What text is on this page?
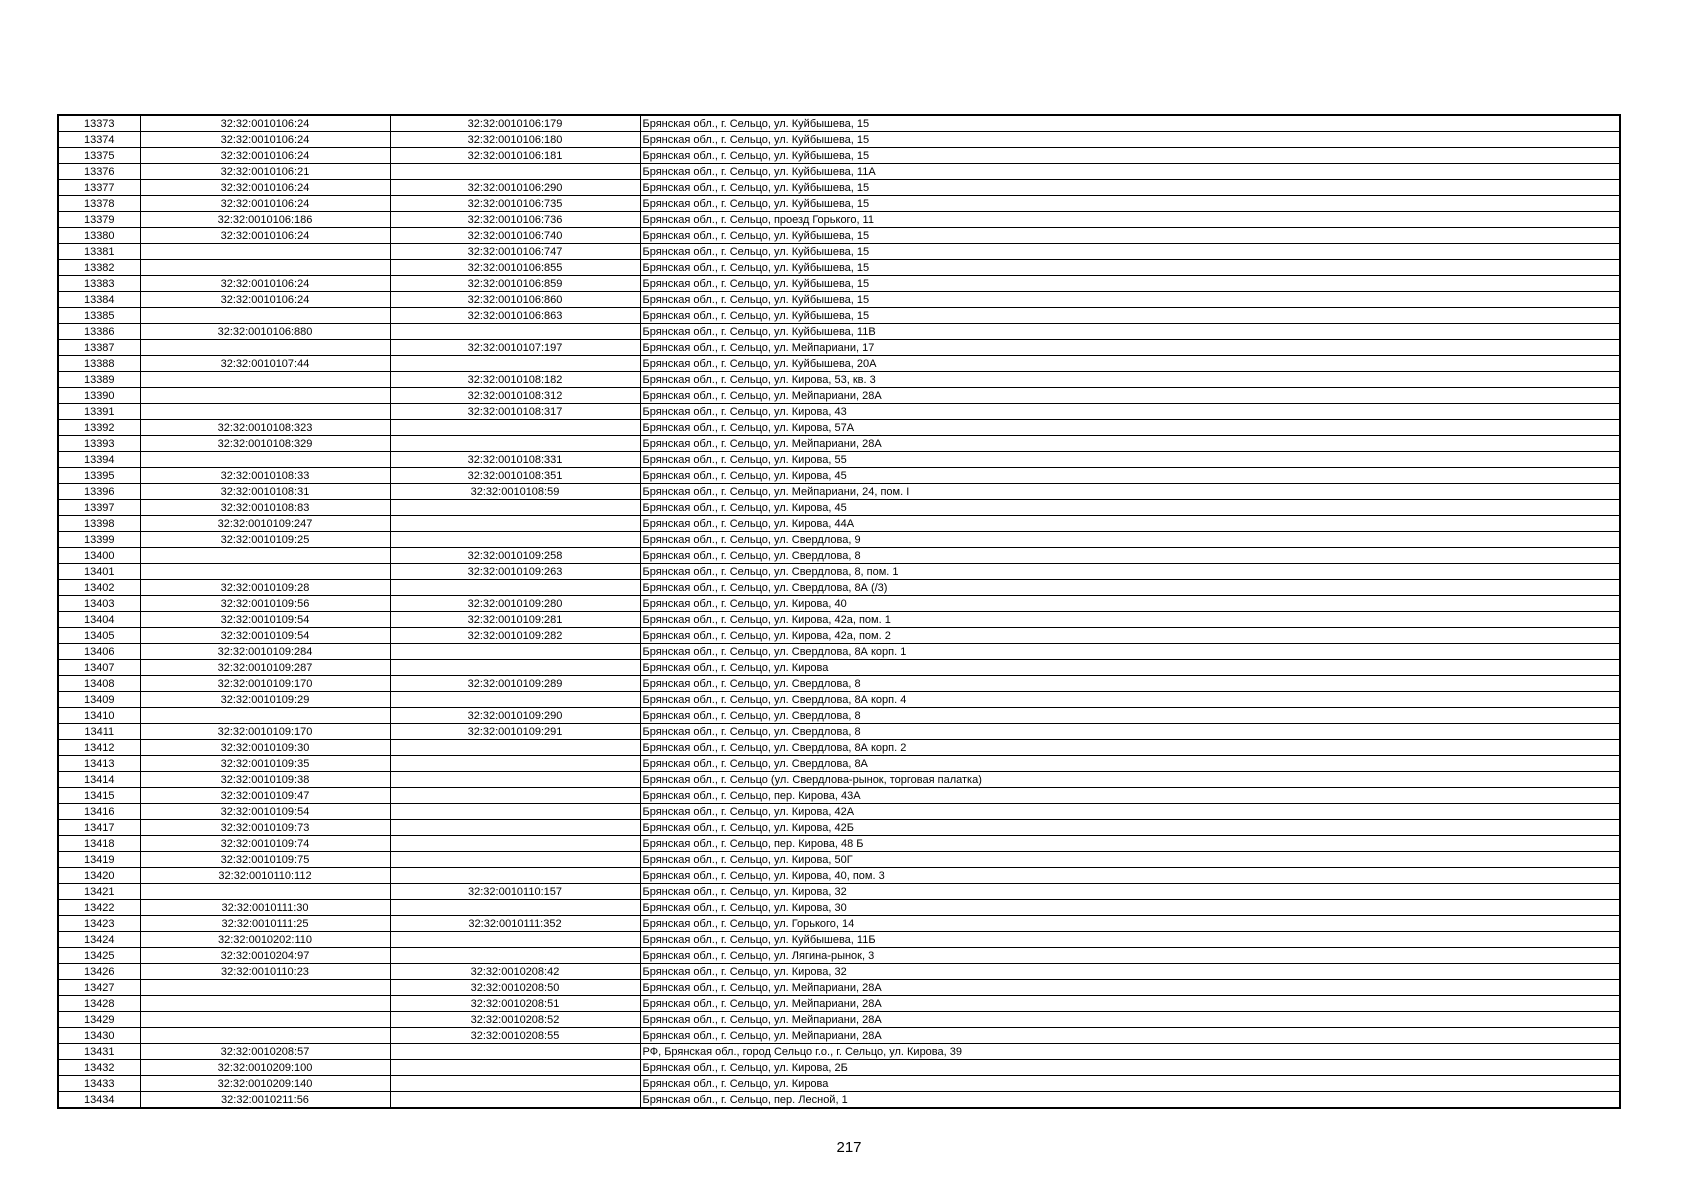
13373	32:32:0010106:24	32:32:0010106:179	Брянская обл., г. Сельцо, ул. Куйбышева, 15
13374	32:32:0010106:24	32:32:0010106:180	Брянская обл., г. Сельцо, ул. Куйбышева, 15
13375	32:32:0010106:24	32:32:0010106:181	Брянская обл., г. Сельцо, ул. Куйбышева, 15
13376	32:32:0010106:21		Брянская обл., г. Сельцо, ул. Куйбышева, 11А
13377	32:32:0010106:24	32:32:0010106:290	Брянская обл., г. Сельцо, ул. Куйбышева, 15
13378	32:32:0010106:24	32:32:0010106:735	Брянская обл., г. Сельцо, ул. Куйбышева, 15
13379	32:32:0010106:186	32:32:0010106:736	Брянская обл., г. Сельцо, проезд Горького, 11
13380	32:32:0010106:24	32:32:0010106:740	Брянская обл., г. Сельцо, ул. Куйбышева, 15
13381		32:32:0010106:747	Брянская обл., г. Сельцо, ул. Куйбышева, 15
13382		32:32:0010106:855	Брянская обл., г. Сельцо, ул. Куйбышева, 15
13383	32:32:0010106:24	32:32:0010106:859	Брянская обл., г. Сельцо, ул. Куйбышева, 15
13384	32:32:0010106:24	32:32:0010106:860	Брянская обл., г. Сельцо, ул. Куйбышева, 15
13385		32:32:0010106:863	Брянская обл., г. Сельцо, ул. Куйбышева, 15
13386	32:32:0010106:880		Брянская обл., г. Сельцо, ул. Куйбышева, 11В
13387		32:32:0010107:197	Брянская обл., г. Сельцо, ул. Мейпариани, 17
13388	32:32:0010107:44		Брянская обл., г. Сельцо, ул. Куйбышева, 20А
13389		32:32:0010108:182	Брянская обл., г. Сельцо, ул. Кирова, 53, кв. 3
13390		32:32:0010108:312	Брянская обл., г. Сельцо, ул. Мейпариани, 28А
13391		32:32:0010108:317	Брянская обл., г. Сельцо, ул. Кирова, 43
13392	32:32:0010108:323		Брянская обл., г. Сельцо, ул. Кирова, 57А
13393	32:32:0010108:329		Брянская обл., г. Сельцо, ул. Мейпариани, 28А
13394		32:32:0010108:331	Брянская обл., г. Сельцо, ул. Кирова, 55
13395	32:32:0010108:33	32:32:0010108:351	Брянская обл., г. Сельцо, ул. Кирова, 45
13396	32:32:0010108:31	32:32:0010108:59	Брянская обл., г. Сельцо, ул. Мейпариани, 24, пом. I
13397	32:32:0010108:83		Брянская обл., г. Сельцо, ул. Кирова, 45
13398	32:32:0010109:247		Брянская обл., г. Сельцо, ул. Кирова, 44А
13399	32:32:0010109:25		Брянская обл., г. Сельцо, ул. Свердлова, 9
13400		32:32:0010109:258	Брянская обл., г. Сельцо, ул. Свердлова, 8
13401		32:32:0010109:263	Брянская обл., г. Сельцо, ул. Свердлова, 8, пом. 1
13402	32:32:0010109:28		Брянская обл., г. Сельцо, ул. Свердлова, 8А (/3)
13403	32:32:0010109:56	32:32:0010109:280	Брянская обл., г. Сельцо, ул. Кирова, 40
13404	32:32:0010109:54	32:32:0010109:281	Брянская обл., г. Сельцо, ул. Кирова, 42а, пом. 1
13405	32:32:0010109:54	32:32:0010109:282	Брянская обл., г. Сельцо, ул. Кирова, 42а, пом. 2
13406	32:32:0010109:284		Брянская обл., г. Сельцо, ул. Свердлова, 8А корп. 1
13407	32:32:0010109:287		Брянская обл., г. Сельцо, ул. Кирова
13408	32:32:0010109:170	32:32:0010109:289	Брянская обл., г. Сельцо, ул. Свердлова, 8
13409	32:32:0010109:29		Брянская обл., г. Сельцо, ул. Свердлова, 8А корп. 4
13410		32:32:0010109:290	Брянская обл., г. Сельцо, ул. Свердлова, 8
13411	32:32:0010109:170	32:32:0010109:291	Брянская обл., г. Сельцо, ул. Свердлова, 8
13412	32:32:0010109:30		Брянская обл., г. Сельцо, ул. Свердлова, 8А корп. 2
13413	32:32:0010109:35		Брянская обл., г. Сельцо, ул. Свердлова, 8А
13414	32:32:0010109:38		Брянская обл., г. Сельцо (ул. Свердлова-рынок, торговая палатка)
13415	32:32:0010109:47		Брянская обл., г. Сельцо, пер. Кирова, 43А
13416	32:32:0010109:54		Брянская обл., г. Сельцо, ул. Кирова, 42А
13417	32:32:0010109:73		Брянская обл., г. Сельцо, ул. Кирова, 42Б
13418	32:32:0010109:74		Брянская обл., г. Сельцо, пер. Кирова, 48 Б
13419	32:32:0010109:75		Брянская обл., г. Сельцо, ул. Кирова, 50Г
13420	32:32:0010110:112		Брянская обл., г. Сельцо, ул. Кирова, 40, пом. 3
13421		32:32:0010110:157	Брянская обл., г. Сельцо, ул. Кирова, 32
13422	32:32:0010111:30		Брянская обл., г. Сельцо, ул. Кирова, 30
13423	32:32:0010111:25	32:32:0010111:352	Брянская обл., г. Сельцо, ул. Горького, 14
13424	32:32:0010202:110		Брянская обл., г. Сельцо, ул. Куйбышева, 11Б
13425	32:32:0010204:97		Брянская обл., г. Сельцо, ул. Лягина-рынок, 3
13426	32:32:0010110:23	32:32:0010208:42	Брянская обл., г. Сельцо, ул. Кирова, 32
13427		32:32:0010208:50	Брянская обл., г. Сельцо, ул. Мейпариани, 28А
13428		32:32:0010208:51	Брянская обл., г. Сельцо, ул. Мейпариани, 28А
13429		32:32:0010208:52	Брянская обл., г. Сельцо, ул. Мейпариани, 28А
13430		32:32:0010208:55	Брянская обл., г. Сельцо, ул. Мейпариани, 28А
13431	32:32:0010208:57		РФ, Брянская обл., город Сельцо г.о., г. Сельцо, ул. Кирова, 39
13432	32:32:0010209:100		Брянская обл., г. Сельцо, ул. Кирова, 2Б
13433	32:32:0010209:140		Брянская обл., г. Сельцо, ул. Кирова
13434	32:32:0010211:56		Брянская обл., г. Сельцо, пер. Лесной, 1
217
